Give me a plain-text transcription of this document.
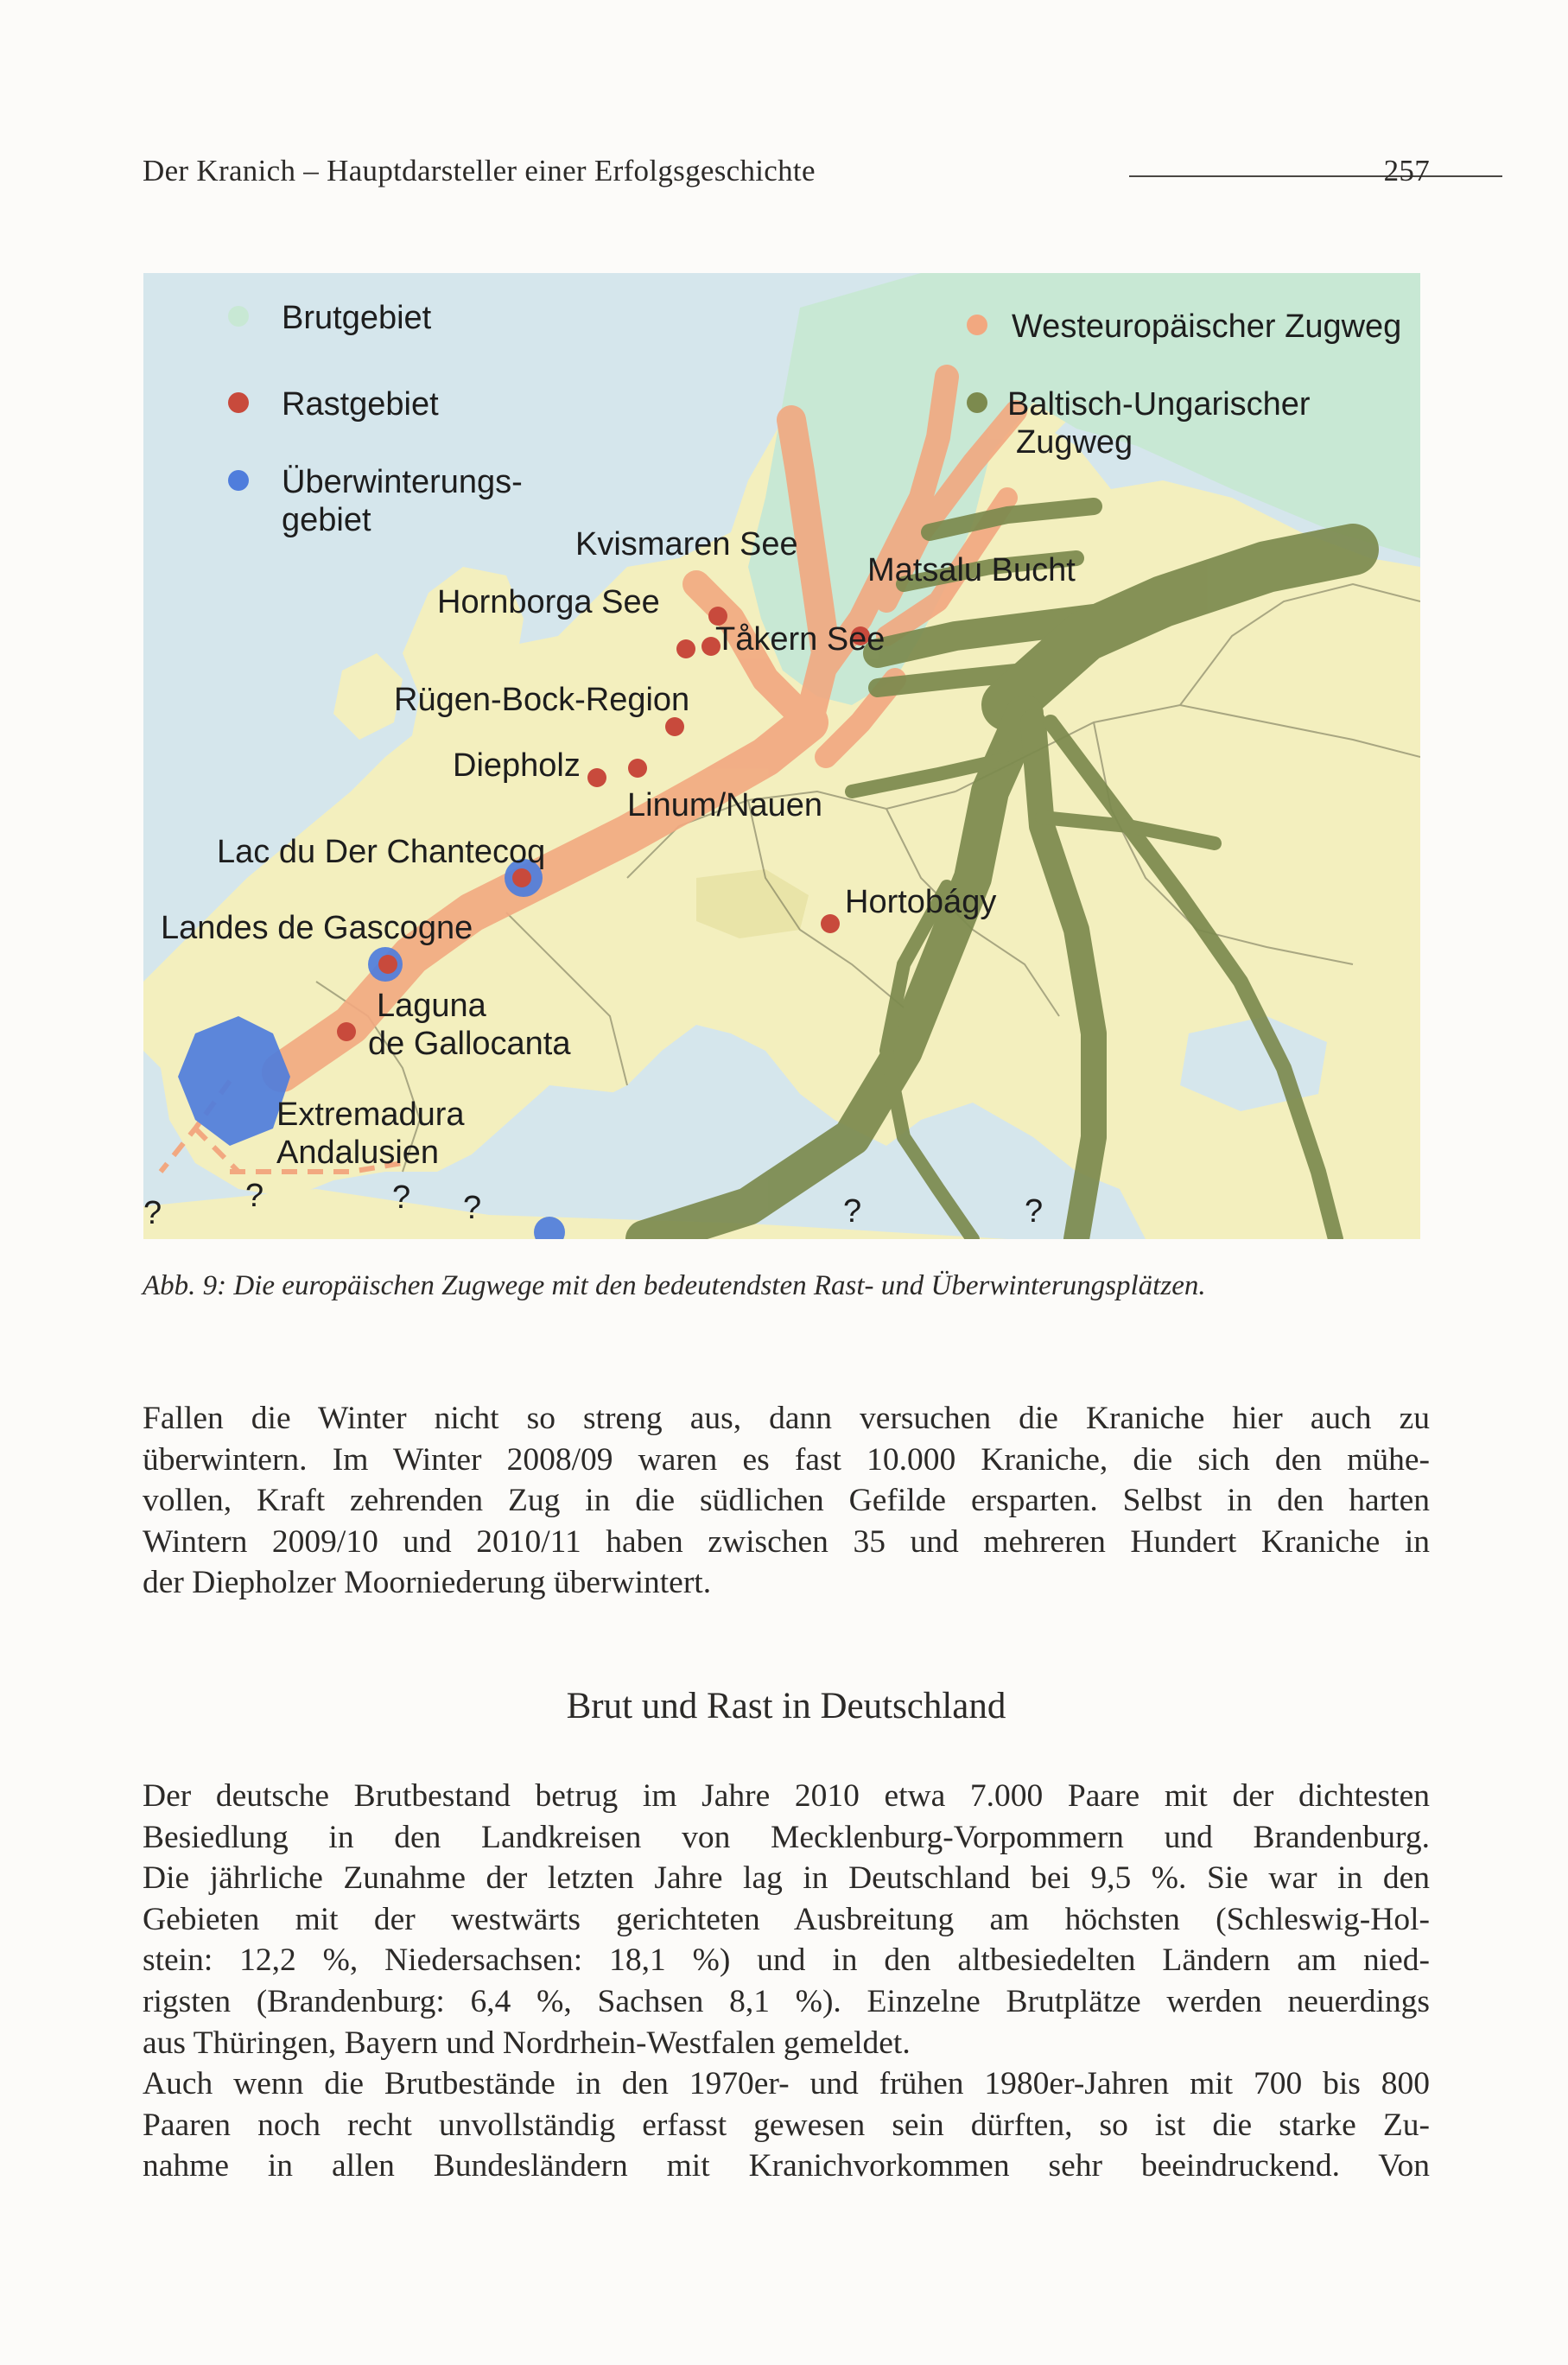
Der Kranich – Hauptdarsteller einer Erfolgsgeschichte	257
Brutgebiet
Rastgebiet
Überwinterungs-
gebiet
Westeuropäischer Zugweg
Baltisch-Ungarischer
Zugweg
Kvismaren See
Hornborga See
Matsalu Bucht
Tåkern See
Rügen-Bock-Region
Diepholz
Linum/Nauen
Lac du Der Chantecoq
Landes de Gascogne
Hortobágy
Laguna
de Gallocanta
Extremadura
Andalusien
?	?	? ?	?	?
Abb. 9: Die europäischen Zugwege mit den bedeutendsten Rast- und Überwinterungsplätzen.
Fallen die Winter nicht so streng aus, dann versuchen die Kraniche hier auch zu
überwintern. Im Winter 2008/09 waren es fast 10.000 Kraniche, die sich den mühe-
vollen, Kraft zehrenden Zug in die südlichen Gefilde ersparten. Selbst in den harten
Wintern 2009/10 und 2010/11 haben zwischen 35 und mehreren Hundert Kraniche in
der Diepholzer Moorniederung überwintert.
Brut und Rast in Deutschland
Der deutsche Brutbestand betrug im Jahre 2010 etwa 7.000 Paare mit der dichtesten
Besiedlung in den Landkreisen von Mecklenburg-Vorpommern und Brandenburg.
Die jährliche Zunahme der letzten Jahre lag in Deutschland bei 9,5 %. Sie war in den
Gebieten mit der westwärts gerichteten Ausbreitung am höchsten (Schleswig-Hol-
stein: 12,2 %, Niedersachsen: 18,1 %) und in den altbesiedelten Ländern am nied-
rigsten (Brandenburg: 6,4 %, Sachsen 8,1 %). Einzelne Brutplätze werden neuerdings
aus Thüringen, Bayern und Nordrhein-Westfalen gemeldet.
Auch wenn die Brutbestände in den 1970er- und frühen 1980er-Jahren mit 700 bis 800
Paaren noch recht unvollständig erfasst gewesen sein dürften, so ist die starke Zu-
nahme in allen Bundesländern mit Kranichvorkommen sehr beeindruckend. Von
